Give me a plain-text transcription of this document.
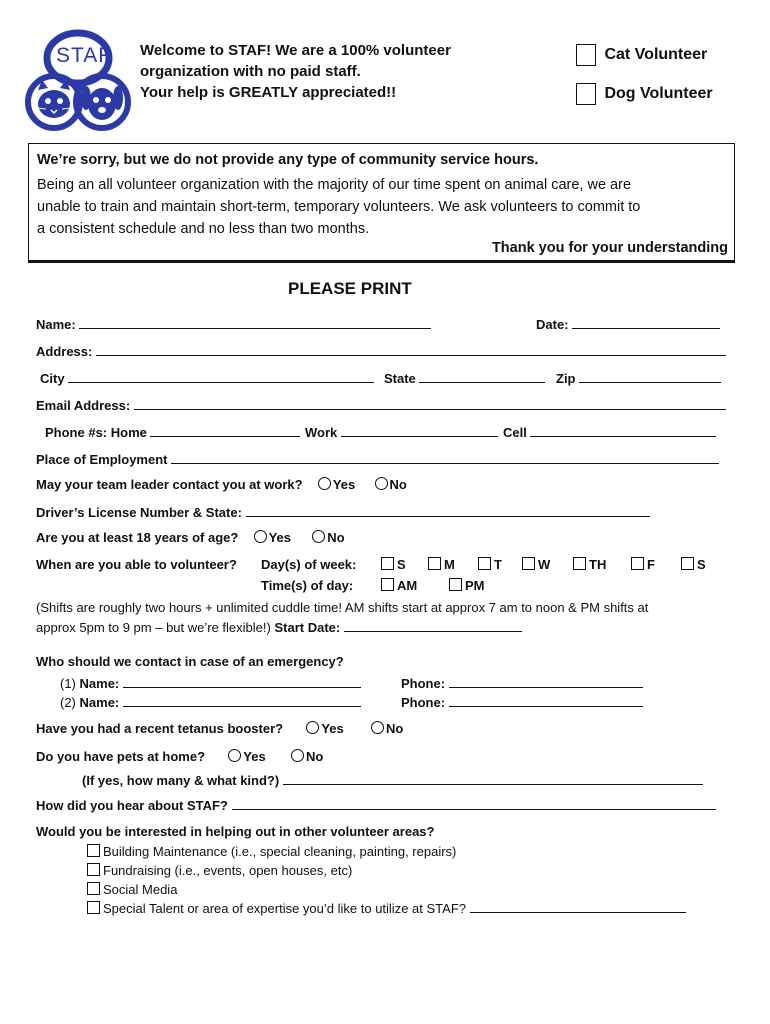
STAF Welcome to STAF! We are a 100% volunteer
organization with no paid staff.
Your help is GREATLY appreciated!!
Cat Volunteer
Dog Volunteer
We’re sorry, but we do not provide any type of community service hours.
Being an all volunteer organization with the majority of our time spent on animal care, we are
unable to train and maintain short-term, temporary volunteers. We ask volunteers to commit to
a consistent schedule and no less than two months.
Thank you for your understanding
PLEASE PRINT
Name:	Date:
Address:
City	State	Zip
Email Address:
Phone #s: Home	Work	Cell
Place of Employment
May your team leader contact you at work? Yes	No
Driver’s License Number & State:
Are you at least 18 years of age? Yes	No
When are you able to volunteer? Day(s) of week:	S	M	T	W	TH	F	S
Time(s) of day:	AM	PM
(Shifts are roughly two hours + unlimited cuddle time! AM shifts start at approx 7 am to noon & PM shifts at
approx 5pm to 9 pm – but we’re flexible!) Start Date:
Who should we contact in case of an emergency?
(1) Name:	Phone:
(2) Name:	Phone:
Have you had a recent tetanus booster?	Yes	No
Do you have pets at home?	Yes	No
(If yes, how many & what kind?)
How did you hear about STAF?
Would you be interested in helping out in other volunteer areas?
Building Maintenance (i.e., special cleaning, painting, repairs)
Fundraising (i.e., events, open houses, etc)
Social Media
Special Talent or area of expertise you’d like to utilize at STAF?
